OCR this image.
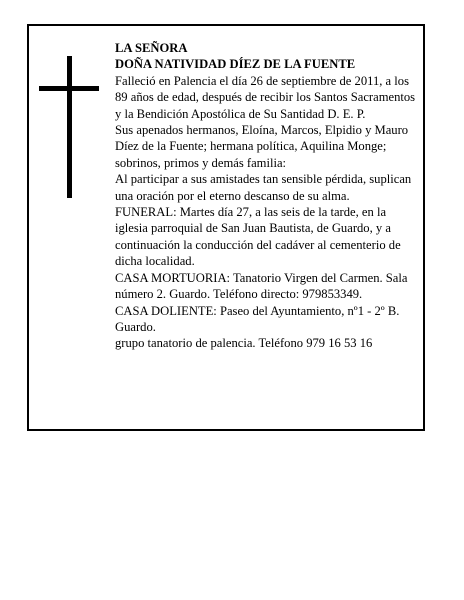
LA SEÑORA

DOÑA NATIVIDAD DÍEZ DE LA FUENTE

Falleció en Palencia el día 26 de septiembre de 2011, a los 89 años de edad, después de recibir los Santos Sacramentos y la Bendición Apostólica de Su Santidad D. E. P.

Sus apenados hermanos, Eloína, Marcos, Elpidio y Mauro Díez de la Fuente; hermana política, Aquilina Monge; sobrinos, primos y demás familia:

Al participar a sus amistades tan sensible pérdida, suplican una oración por el eterno descanso de su alma.

FUNERAL: Martes día 27, a las seis de la tarde, en la iglesia parroquial de San Juan Bautista, de Guardo, y a continuación la conducción del cadáver al cementerio de dicha localidad.

CASA MORTUORIA: Tanatorio Virgen del Carmen. Sala número 2. Guardo. Teléfono directo: 979853349.

CASA DOLIENTE: Paseo del Ayuntamiento, nº1 - 2º B. Guardo.

grupo tanatorio de palencia. Teléfono 979 16 53 16
